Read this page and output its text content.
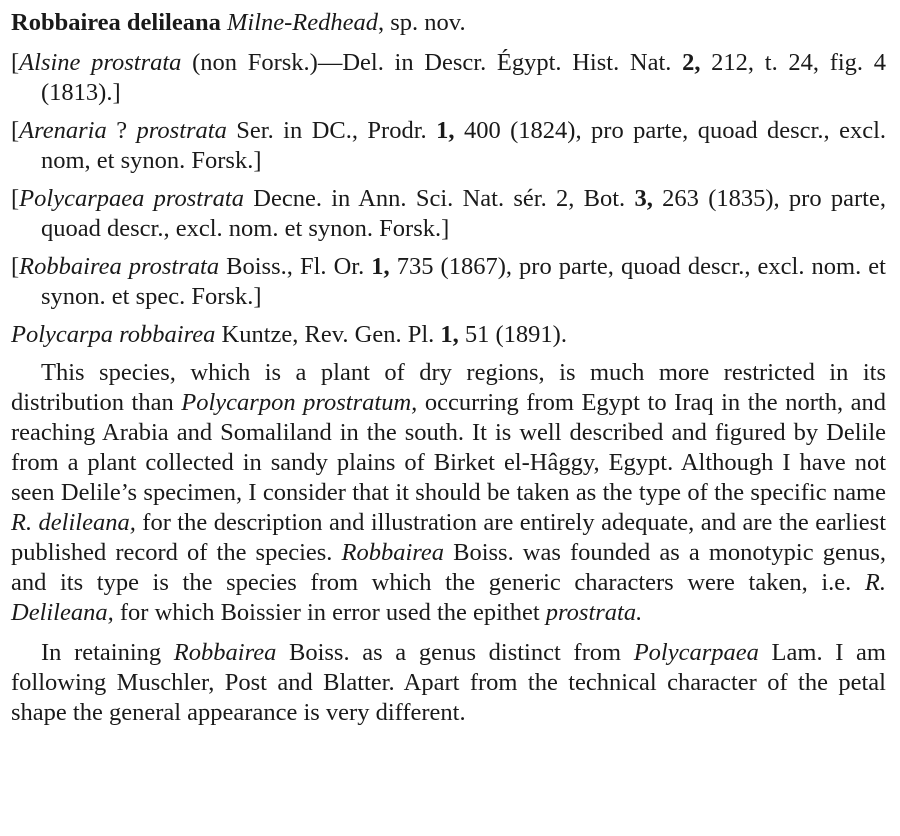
Robbairea delileana Milne-Redhead, sp. nov.

[Alsine prostrata (non Forsk.)—Del. in Descr. Égypt. Hist. Nat. 2, 212, t. 24, fig. 4 (1813).]

[Arenaria ? prostrata Ser. in DC., Prodr. 1, 400 (1824), pro parte, quoad descr., excl. nom, et synon. Forsk.]

[Polycarpaea prostrata Decne. in Ann. Sci. Nat. sér. 2, Bot. 3, 263 (1835), pro parte, quoad descr., excl. nom. et synon. Forsk.]

[Robbairea prostrata Boiss., Fl. Or. 1, 735 (1867), pro parte, quoad descr., excl. nom. et synon. et spec. Forsk.]

Polycarpa robbairea Kuntze, Rev. Gen. Pl. 1, 51 (1891).

This species, which is a plant of dry regions, is much more restricted in its distribution than Polycarpon prostratum, occurring from Egypt to Iraq in the north, and reaching Arabia and Somaliland in the south. It is well described and figured by Delile from a plant collected in sandy plains of Birket el-Hâggy, Egypt. Although I have not seen Delile’s specimen, I consider that it should be taken as the type of the specific name R. delileana, for the description and illustration are entirely adequate, and are the earliest published record of the species. Robbairea Boiss. was founded as a monotypic genus, and its type is the species from which the generic characters were taken, i.e. R. Delileana, for which Boissier in error used the epithet prostrata.

In retaining Robbairea Boiss. as a genus distinct from Polycarpaea Lam. I am following Muschler, Post and Blatter. Apart from the technical character of the petal shape the general appearance is very different.
